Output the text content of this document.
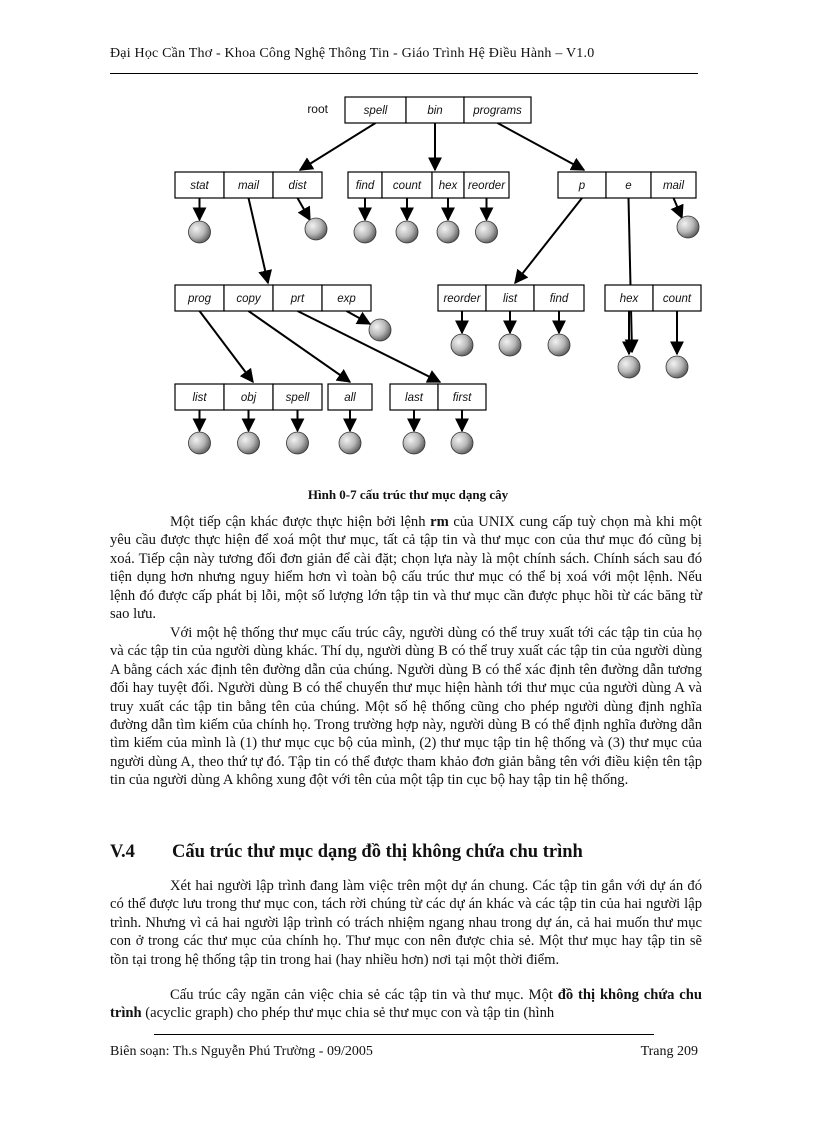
Đại Học Cần Thơ - Khoa Công Nghệ Thông Tin - Giáo Trình Hệ Điều Hành – V1.0
spell	bin	programs
stat	mail	dist	find count hex reorder	p	e	mail
prog copy	prt	exp	reorder list	find	hex count
list	obj	spell	all	last	first
root
Hình 0-7 cấu trúc thư mục dạng cây

Một tiếp cận khác được thực hiện bởi lệnh rm của UNIX cung cấp tuỳ chọn mà khi một yêu cầu được thực hiện để xoá một thư mục, tất cả tập tin và thư mục con của thư mục đó cũng bị xoá. Tiếp cận này tương đối đơn giản để cài đặt; chọn lựa này là một chính sách. Chính sách sau đó tiện dụng hơn nhưng nguy hiểm hơn vì toàn bộ cấu trúc thư mục có thể bị xoá với một lệnh. Nếu lệnh đó được cấp phát bị lỗi, một số lượng lớn tập tin và thư mục cần được phục hồi từ các băng từ sao lưu.

Với một hệ thống thư mục cấu trúc cây, người dùng có thể truy xuất tới các tập tin của họ và các tập tin của người dùng khác. Thí dụ, người dùng B có thể truy xuất các tập tin của người dùng A bằng cách xác định tên đường dẫn của chúng. Người dùng B có thể xác định tên đường dẫn tương đối hay tuyệt đối. Người dùng B có thể chuyển thư mục hiện hành tới thư mục của người dùng A và truy xuất các tập tin bằng tên của chúng. Một số hệ thống cũng cho phép người dùng định nghĩa đường dẫn tìm kiếm của chính họ. Trong trường hợp này, người dùng B có thể định nghĩa đường dẫn tìm kiếm của mình là (1) thư mục cục bộ của mình, (2) thư mục tập tin hệ thống và (3) thư mục của người dùng A, theo thứ tự đó. Tập tin có thể được tham khảo đơn giản bằng tên với điều kiện tên tập tin của người dùng A không xung đột với tên của một tập tin cục bộ hay tập tin hệ thống.

V.4 Cấu trúc thư mục dạng đồ thị không chứa chu trình

Xét hai người lập trình đang làm việc trên một dự án chung. Các tập tin gắn với dự án đó có thể được lưu trong thư mục con, tách rời chúng từ các dự án khác và các tập tin của hai người lập trình. Nhưng vì cả hai người lập trình có trách nhiệm ngang nhau trong dự án, cả hai muốn thư mục con ở trong các thư mục của chính họ. Thư mục con nên được chia sẻ. Một thư mục hay tập tin sẽ tồn tại trong hệ thống tập tin trong hai (hay nhiều hơn) nơi tại một thời điểm.

Cấu trúc cây ngăn cản việc chia sẻ các tập tin và thư mục. Một đồ thị không chứa chu trình (acyclic graph) cho phép thư mục chia sẻ thư mục con và tập tin (hình

Biên soạn: Th.s Nguyễn Phú Trường - 09/2005	Trang 209
